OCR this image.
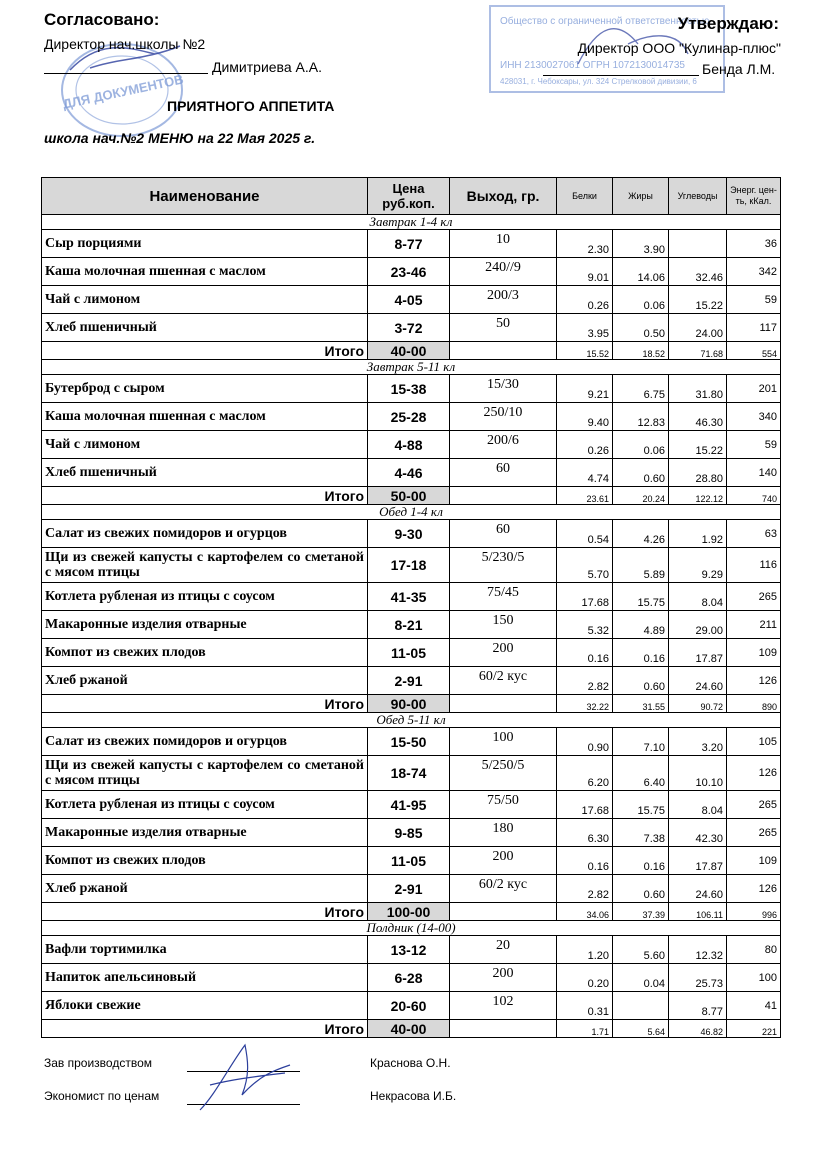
ДЛЯ ДОКУМЕНТОВ
Общество с ограниченной ответственностью
ИНН 2130027061 ОГРН 1072130014735
428031, г. Чебоксары, ул. 324 Стрелковой дивизии, 6
Согласовано:
Директор нач.школы №2
Димитриева А.А.
Утверждаю:
Директор ООО "Кулинар-плюс"
Бенда Л.М.
ПРИЯТНОГО АППЕТИТА
школа нач.№2 МЕНЮ на 22 Мая 2025 г.
Наименование	Цена руб.коп.	Выход, гр.	Белки	Жиры	Углеводы	Энерг. цен-ть, кКал.
Завтрак 1-4 кл						
Сыр порциями	8-77	10	2.30	3.90		36
Каша молочная пшенная с маслом	23-46	240//9	9.01	14.06	32.46	342
Чай с лимоном	4-05	200/3	0.26	0.06	15.22	59
Хлеб пшеничный	3-72	50	3.95	0.50	24.00	117
Итого	40-00		15.52	18.52	71.68	554
Завтрак 5-11 кл						
Бутерброд с сыром	15-38	15/30	9.21	6.75	31.80	201
Каша молочная пшенная с маслом	25-28	250/10	9.40	12.83	46.30	340
Чай с лимоном	4-88	200/6	0.26	0.06	15.22	59
Хлеб пшеничный	4-46	60	4.74	0.60	28.80	140
Итого	50-00		23.61	20.24	122.12	740
Обед 1-4 кл						
Салат из свежих помидоров и огурцов	9-30	60	0.54	4.26	1.92	63
Щи из свежей капусты с картофелем со сметаной с мясом птицы	17-18	5/230/5	5.70	5.89	9.29	116
Котлета рубленая из птицы с соусом	41-35	75/45	17.68	15.75	8.04	265
Макаронные изделия отварные	8-21	150	5.32	4.89	29.00	211
Компот из свежих плодов	11-05	200	0.16	0.16	17.87	109
Хлеб ржаной	2-91	60/2 кус	2.82	0.60	24.60	126
Итого	90-00		32.22	31.55	90.72	890
Обед 5-11 кл						
Салат из свежих помидоров и огурцов	15-50	100	0.90	7.10	3.20	105
Щи из свежей капусты с картофелем со сметаной с мясом птицы	18-74	5/250/5	6.20	6.40	10.10	126
Котлета рубленая из птицы с соусом	41-95	75/50	17.68	15.75	8.04	265
Макаронные изделия отварные	9-85	180	6.30	7.38	42.30	265
Компот из свежих плодов	11-05	200	0.16	0.16	17.87	109
Хлеб ржаной	2-91	60/2 кус	2.82	0.60	24.60	126
Итого	100-00		34.06	37.39	106.11	996
Полдник (14-00)						
Вафли тортимилка	13-12	20	1.20	5.60	12.32	80
Напиток апельсиновый	6-28	200	0.20	0.04	25.73	100
Яблоки свежие	20-60	102	0.31		8.77	41
Итого	40-00		1.71	5.64	46.82	221
Зав производством	Краснова О.Н.
Экономист по ценам	Некрасова И.Б.
